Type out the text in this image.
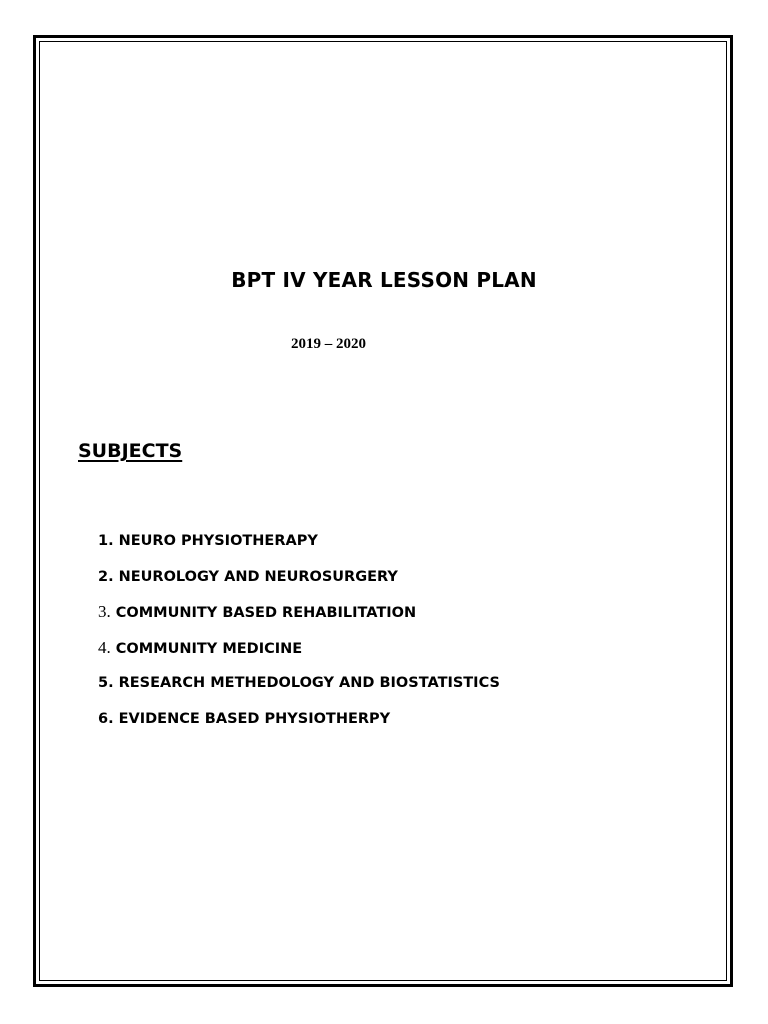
BPT IV YEAR LESSON PLAN

2019 – 2020

SUBJECTS
1. NEURO PHYSIOTHERAPY
2. NEUROLOGY AND NEUROSURGERY
3. COMMUNITY BASED REHABILITATION
4. COMMUNITY MEDICINE
5. RESEARCH METHEDOLOGY AND BIOSTATISTICS
6. EVIDENCE BASED PHYSIOTHERPY
